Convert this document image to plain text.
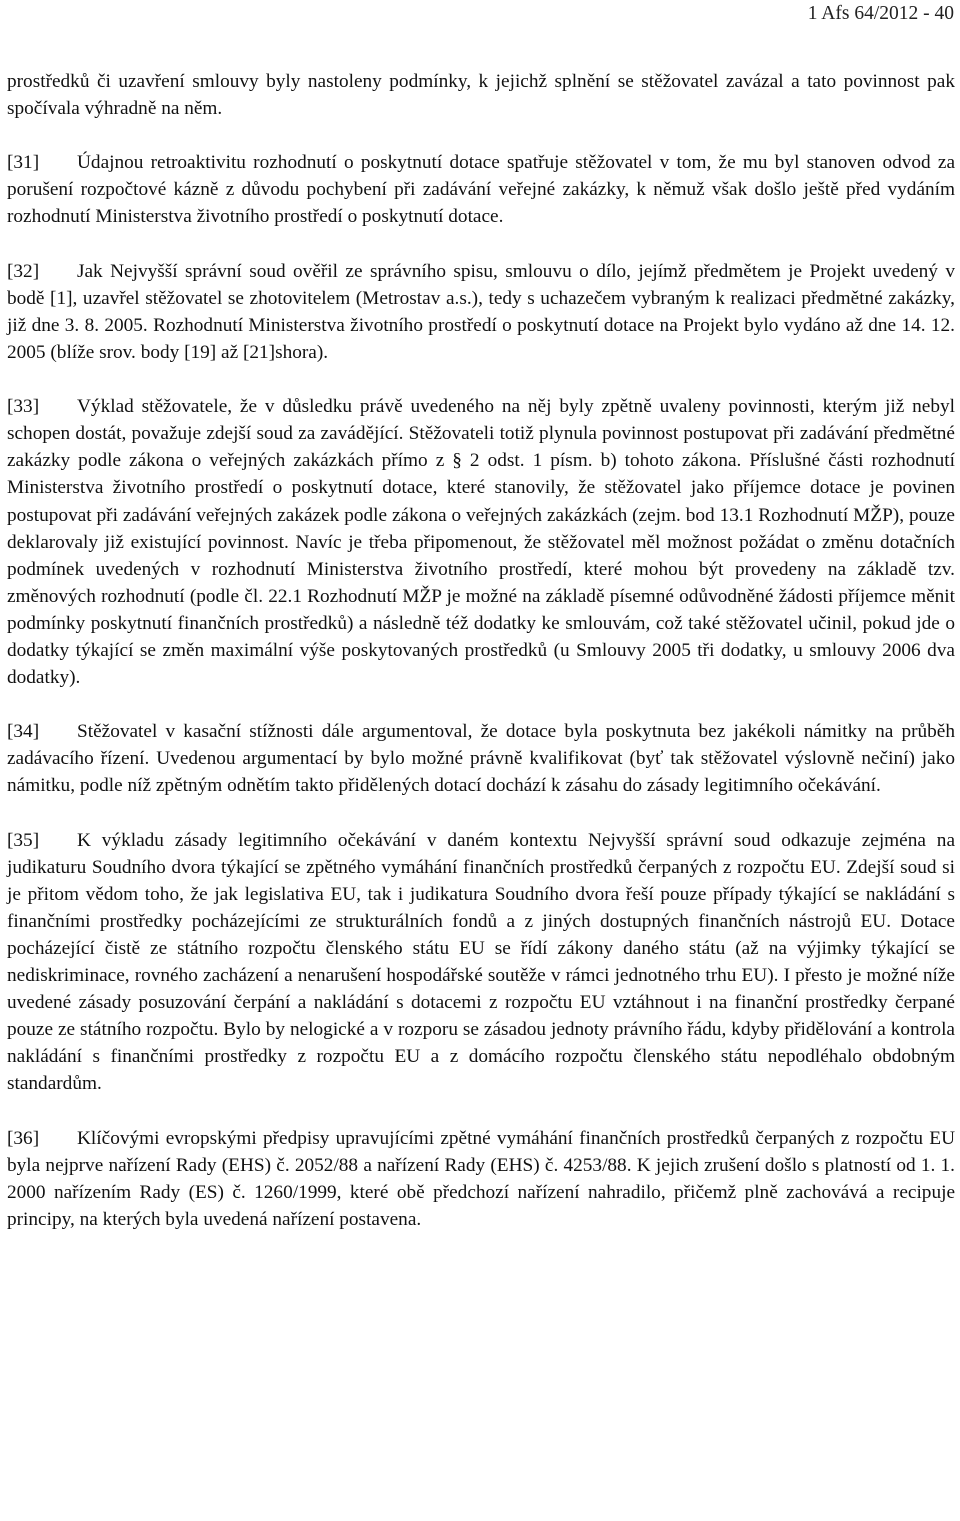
1 Afs 64/2012 - 40

prostředků či uzavření smlouvy byly nastoleny podmínky, k jejichž splnění se stěžovatel zavázal a tato povinnost pak spočívala výhradně na něm.

[31] Údajnou retroaktivitu rozhodnutí o poskytnutí dotace spatřuje stěžovatel v tom, že mu byl stanoven odvod za porušení rozpočtové kázně z důvodu pochybení při zadávání veřejné zakázky, k němuž však došlo ještě před vydáním rozhodnutí Ministerstva životního prostředí o poskytnutí dotace.

[32] Jak Nejvyšší správní soud ověřil ze správního spisu, smlouvu o dílo, jejímž předmětem je Projekt uvedený v bodě [1], uzavřel stěžovatel se zhotovitelem (Metrostav a.s.), tedy s uchazečem vybraným k realizaci předmětné zakázky, již dne 3. 8. 2005. Rozhodnutí Ministerstva životního prostředí o poskytnutí dotace na Projekt bylo vydáno až dne 14. 12. 2005 (blíže srov. body [19] až [21]shora).

[33] Výklad stěžovatele, že v důsledku právě uvedeného na něj byly zpětně uvaleny povinnosti, kterým již nebyl schopen dostát, považuje zdejší soud za zavádějící. Stěžovateli totiž plynula povinnost postupovat při zadávání předmětné zakázky podle zákona o veřejných zakázkách přímo z § 2 odst. 1 písm. b) tohoto zákona. Příslušné části rozhodnutí Ministerstva životního prostředí o poskytnutí dotace, které stanovily, že stěžovatel jako příjemce dotace je povinen postupovat při zadávání veřejných zakázek podle zákona o veřejných zakázkách (zejm. bod 13.1 Rozhodnutí MŽP), pouze deklarovaly již existující povinnost. Navíc je třeba připomenout, že stěžovatel měl možnost požádat o změnu dotačních podmínek uvedených v rozhodnutí Ministerstva životního prostředí, které mohou být provedeny na základě tzv. změnových rozhodnutí (podle čl. 22.1 Rozhodnutí MŽP je možné na základě písemné odůvodněné žádosti příjemce měnit podmínky poskytnutí finančních prostředků) a následně též dodatky ke smlouvám, což také stěžovatel učinil, pokud jde o dodatky týkající se změn maximální výše poskytovaných prostředků (u Smlouvy 2005 tři dodatky, u smlouvy 2006 dva dodatky).

[34] Stěžovatel v kasační stížnosti dále argumentoval, že dotace byla poskytnuta bez jakékoli námitky na průběh zadávacího řízení. Uvedenou argumentací by bylo možné právně kvalifikovat (byť tak stěžovatel výslovně nečiní) jako námitku, podle níž zpětným odnětím takto přidělených dotací dochází k zásahu do zásady legitimního očekávání.

[35] K výkladu zásady legitimního očekávání v daném kontextu Nejvyšší správní soud odkazuje zejména na judikaturu Soudního dvora týkající se zpětného vymáhání finančních prostředků čerpaných z rozpočtu EU. Zdejší soud si je přitom vědom toho, že jak legislativa EU, tak i judikatura Soudního dvora řeší pouze případy týkající se nakládání s finančními prostředky pocházejícími ze strukturálních fondů a z jiných dostupných finančních nástrojů EU. Dotace pocházející čistě ze státního rozpočtu členského státu EU se řídí zákony daného státu (až na výjimky týkající se nediskriminace, rovného zacházení a nenarušení hospodářské soutěže v rámci jednotného trhu EU). I přesto je možné níže uvedené zásady posuzování čerpání a nakládání s dotacemi z rozpočtu EU vztáhnout i na finanční prostředky čerpané pouze ze státního rozpočtu. Bylo by nelogické a v rozporu se zásadou jednoty právního řádu, kdyby přidělování a kontrola nakládání s finančními prostředky z rozpočtu EU a z domácího rozpočtu členského státu nepodléhalo obdobným standardům.

[36] Klíčovými evropskými předpisy upravujícími zpětné vymáhání finančních prostředků čerpaných z rozpočtu EU byla nejprve nařízení Rady (EHS) č. 2052/88 a nařízení Rady (EHS) č. 4253/88. K jejich zrušení došlo s platností od 1. 1. 2000 nařízením Rady (ES) č. 1260/1999, které obě předchozí nařízení nahradilo, přičemž plně zachovává a recipuje principy, na kterých byla uvedená nařízení postavena.
